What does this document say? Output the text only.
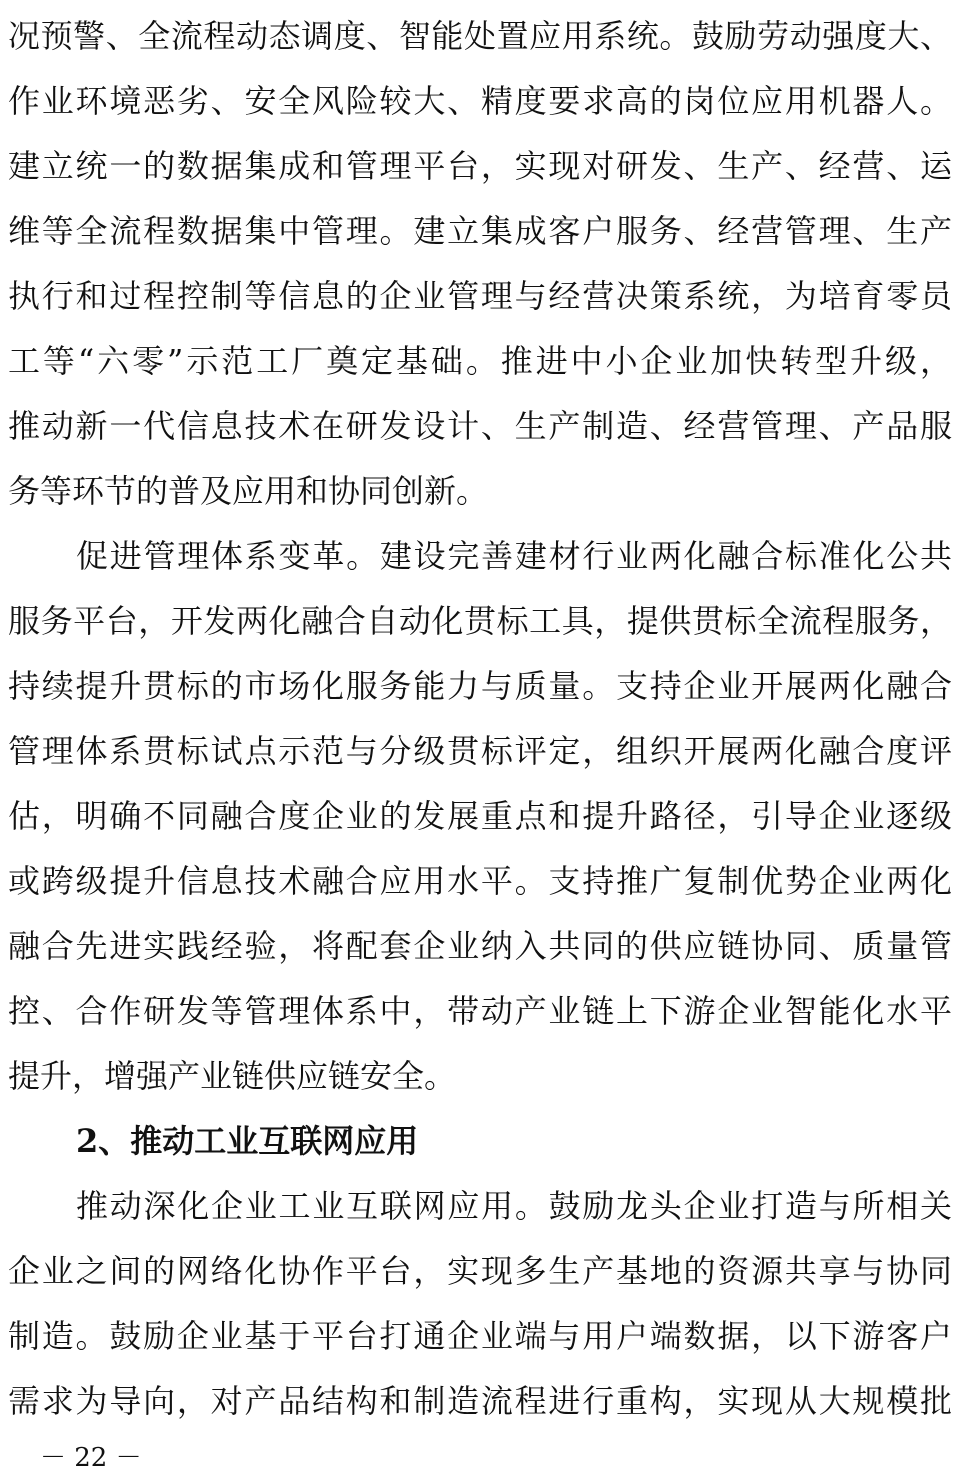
况预警、全流程动态调度、智能处置应用系统。鼓励劳动强度大、
作业环境恶劣、安全风险较大、精度要求高的岗位应用机器人。
建立统一的数据集成和管理平台，实现对研发、生产、经营、运
维等全流程数据集中管理。建立集成客户服务、经营管理、生产
执行和过程控制等信息的企业管理与经营决策系统，为培育零员
工等“六零”示范工厂奠定基础。推进中小企业加快转型升级，
推动新一代信息技术在研发设计、生产制造、经营管理、产品服
务等环节的普及应用和协同创新。
促进管理体系变革。建设完善建材行业两化融合标准化公共
服务平台，开发两化融合自动化贯标工具，提供贯标全流程服务，
持续提升贯标的市场化服务能力与质量。支持企业开展两化融合
管理体系贯标试点示范与分级贯标评定，组织开展两化融合度评
估，明确不同融合度企业的发展重点和提升路径，引导企业逐级
或跨级提升信息技术融合应用水平。支持推广复制优势企业两化
融合先进实践经验，将配套企业纳入共同的供应链协同、质量管
控、合作研发等管理体系中，带动产业链上下游企业智能化水平
提升，增强产业链供应链安全。
2、推动工业互联网应用
推动深化企业工业互联网应用。鼓励龙头企业打造与所相关
企业之间的网络化协作平台，实现多生产基地的资源共享与协同
制造。鼓励企业基于平台打通企业端与用户端数据，以下游客户
需求为导向，对产品结构和制造流程进行重构，实现从大规模批
－ 22 －
